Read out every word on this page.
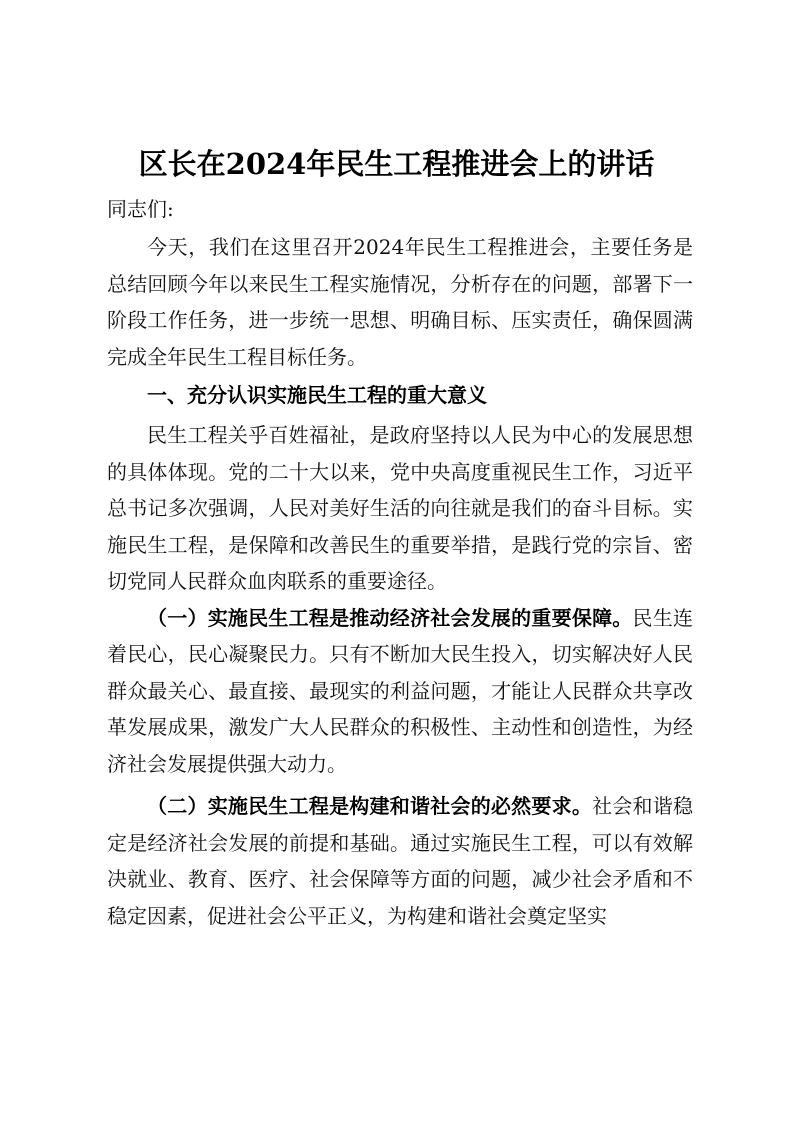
区长在2024年民生工程推进会上的讲话

同志们:

今天，我们在这里召开2024年民生工程推进会，主要任务是总结回顾今年以来民生工程实施情况，分析存在的问题，部署下一阶段工作任务，进一步统一思想、明确目标、压实责任，确保圆满完成全年民生工程目标任务。

一、充分认识实施民生工程的重大意义

民生工程关乎百姓福祉，是政府坚持以人民为中心的发展思想的具体体现。党的二十大以来，党中央高度重视民生工作，习近平总书记多次强调，人民对美好生活的向往就是我们的奋斗目标。实施民生工程，是保障和改善民生的重要举措，是践行党的宗旨、密切党同人民群众血肉联系的重要途径。

（一）实施民生工程是推动经济社会发展的重要保障。民生连着民心，民心凝聚民力。只有不断加大民生投入，切实解决好人民群众最关心、最直接、最现实的利益问题，才能让人民群众共享改革发展成果，激发广大人民群众的积极性、主动性和创造性，为经济社会发展提供强大动力。

（二）实施民生工程是构建和谐社会的必然要求。社会和谐稳定是经济社会发展的前提和基础。通过实施民生工程，可以有效解决就业、教育、医疗、社会保障等方面的问题，减少社会矛盾和不稳定因素，促进社会公平正义，为构建和谐社会奠定坚实
